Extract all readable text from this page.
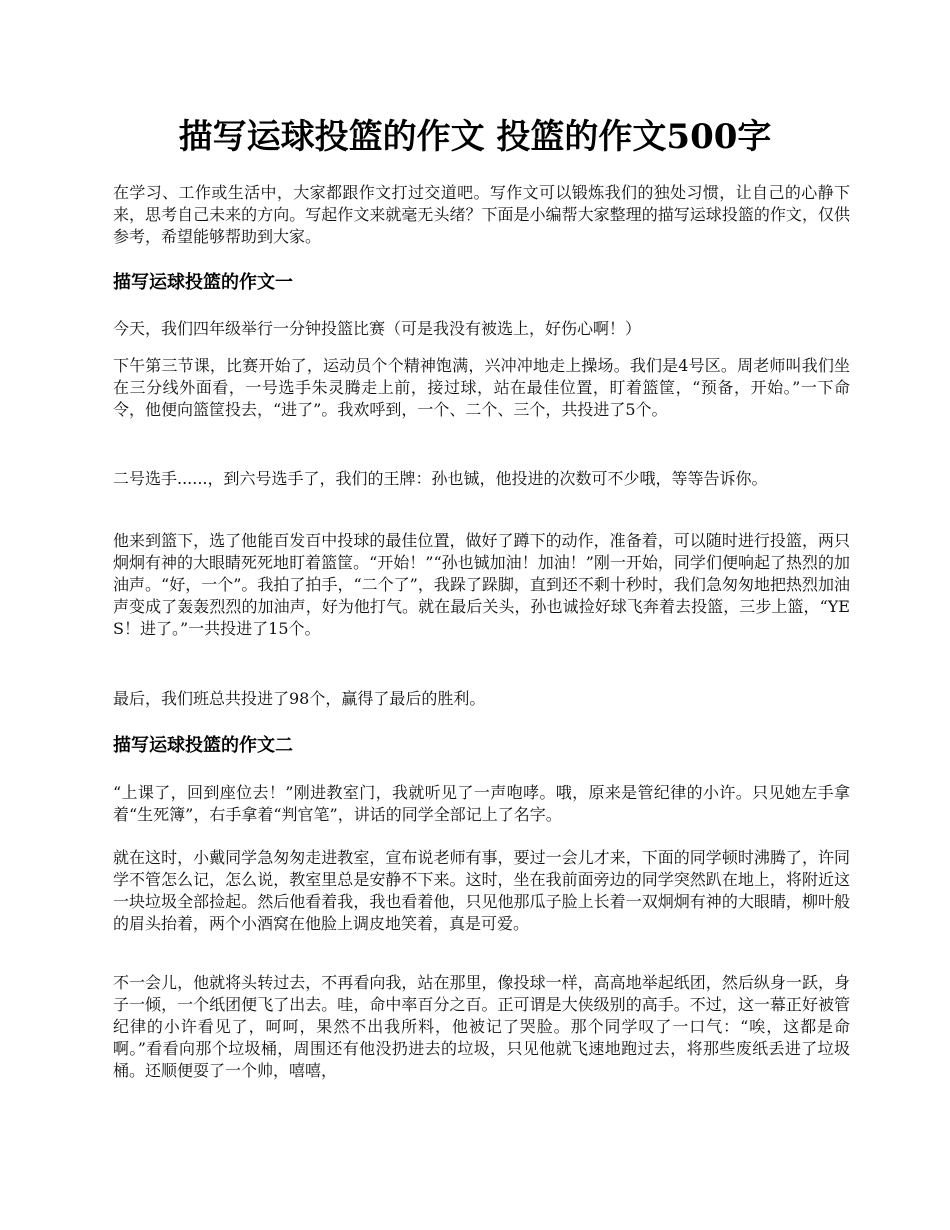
描写运球投篮的作文 投篮的作文500字
在学习、工作或生活中，大家都跟作文打过交道吧。写作文可以锻炼我们的独处习惯，让自己的心静下来，思考自己未来的方向。写起作文来就毫无头绪？下面是小编帮大家整理的描写运球投篮的作文，仅供参考，希望能够帮助到大家。
描写运球投篮的作文一
今天，我们四年级举行一分钟投篮比赛（可是我没有被选上，好伤心啊！）
下午第三节课，比赛开始了，运动员个个精神饱满，兴冲冲地走上操场。我们是4号区。周老师叫我们坐在三分线外面看，一号选手朱灵腾走上前，接过球，站在最佳位置，盯着篮筐，“预备，开始。”一下命令，他便向篮筐投去，“进了”。我欢呼到，一个、二个、三个，共投进了5个。
二号选手......，到六号选手了，我们的王牌：孙也铖，他投进的次数可不少哦，等等告诉你。
他来到篮下，选了他能百发百中投球的最佳位置，做好了蹲下的动作，准备着，可以随时进行投篮，两只炯炯有神的大眼睛死死地盯着篮筐。“开始！”“孙也铖加油！加油！”刚一开始，同学们便响起了热烈的加油声。“好，一个”。我拍了拍手，“二个了”，我跺了跺脚，直到还不剩十秒时，我们急匆匆地把热烈加油声变成了轰轰烈烈的加油声，好为他打气。就在最后关头，孙也诚捡好球飞奔着去投篮，三步上篮，“YES！进了。”一共投进了15个。
最后，我们班总共投进了98个，赢得了最后的胜利。
描写运球投篮的作文二
“上课了，回到座位去！”刚进教室门，我就听见了一声咆哮。哦，原来是管纪律的小许。只见她左手拿着“生死簿”，右手拿着“判官笔”，讲话的同学全部记上了名字。
就在这时，小戴同学急匆匆走进教室，宣布说老师有事，要过一会儿才来，下面的同学顿时沸腾了，许同学不管怎么记，怎么说，教室里总是安静不下来。这时，坐在我前面旁边的同学突然趴在地上，将附近这一块垃圾全部捡起。然后他看着我，我也看着他，只见他那瓜子脸上长着一双炯炯有神的大眼睛，柳叶般的眉头抬着，两个小酒窝在他脸上调皮地笑着，真是可爱。
不一会儿，他就将头转过去，不再看向我，站在那里，像投球一样，高高地举起纸团，然后纵身一跃，身子一倾，一个纸团便飞了出去。哇，命中率百分之百。正可谓是大侠级别的高手。不过，这一幕正好被管纪律的小许看见了，呵呵，果然不出我所料，他被记了哭脸。那个同学叹了一口气：“唉，这都是命啊。”看看向那个垃圾桶，周围还有他没扔进去的垃圾，只见他就飞速地跑过去，将那些废纸丢进了垃圾桶。还顺便耍了一个帅，嘻嘻，
